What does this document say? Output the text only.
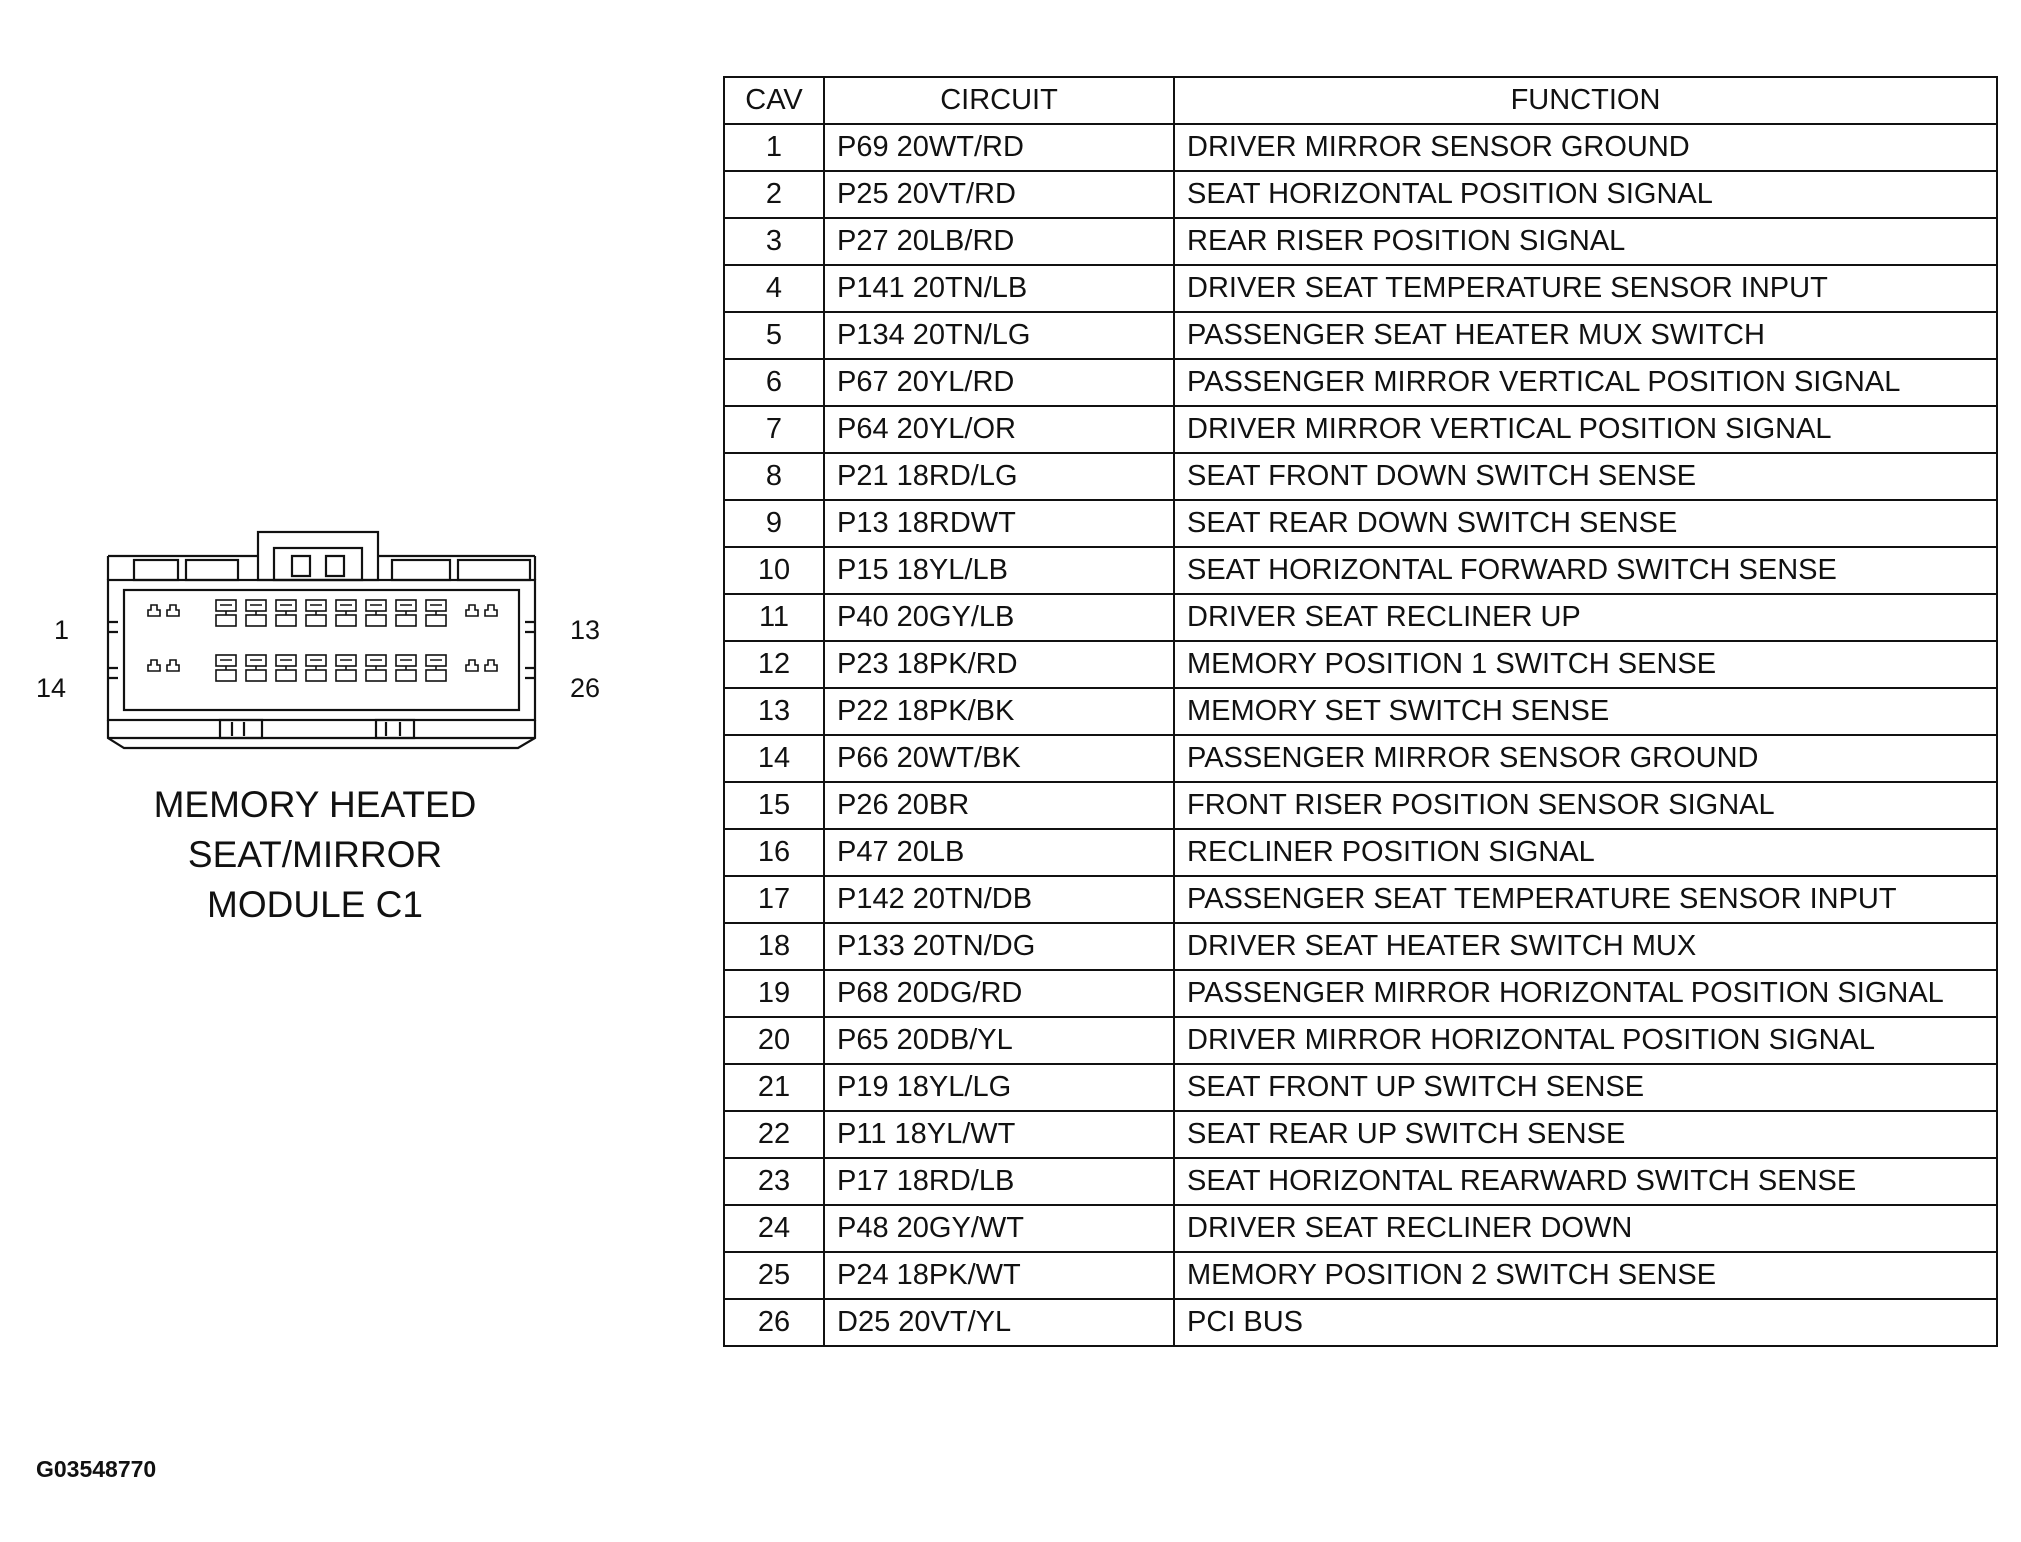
1	13
14	26
MEMORY HEATED
SEAT/MIRROR
MODULE C1
CAV	CIRCUIT	FUNCTION
1	P69 20WT/RD	DRIVER MIRROR SENSOR GROUND
2	P25 20VT/RD	SEAT HORIZONTAL POSITION SIGNAL
3	P27 20LB/RD	REAR RISER POSITION SIGNAL
4	P141 20TN/LB	DRIVER SEAT TEMPERATURE SENSOR INPUT
5	P134 20TN/LG	PASSENGER SEAT HEATER MUX SWITCH
6	P67 20YL/RD	PASSENGER MIRROR VERTICAL POSITION SIGNAL
7	P64 20YL/OR	DRIVER MIRROR VERTICAL POSITION SIGNAL
8	P21 18RD/LG	SEAT FRONT DOWN SWITCH SENSE
9	P13 18RDWT	SEAT REAR DOWN SWITCH SENSE
10	P15 18YL/LB	SEAT HORIZONTAL FORWARD SWITCH SENSE
11	P40 20GY/LB	DRIVER SEAT RECLINER UP
12	P23 18PK/RD	MEMORY POSITION 1 SWITCH SENSE
13	P22 18PK/BK	MEMORY SET SWITCH SENSE
14	P66 20WT/BK	PASSENGER MIRROR SENSOR GROUND
15	P26 20BR	FRONT RISER POSITION SENSOR SIGNAL
16	P47 20LB	RECLINER POSITION SIGNAL
17	P142 20TN/DB	PASSENGER SEAT TEMPERATURE SENSOR INPUT
18	P133 20TN/DG	DRIVER SEAT HEATER SWITCH MUX
19	P68 20DG/RD	PASSENGER MIRROR HORIZONTAL POSITION SIGNAL
20	P65 20DB/YL	DRIVER MIRROR HORIZONTAL POSITION SIGNAL
21	P19 18YL/LG	SEAT FRONT UP SWITCH SENSE
22	P11 18YL/WT	SEAT REAR UP SWITCH SENSE
23	P17 18RD/LB	SEAT HORIZONTAL REARWARD SWITCH SENSE
24	P48 20GY/WT	DRIVER SEAT RECLINER DOWN
25	P24 18PK/WT	MEMORY POSITION 2 SWITCH SENSE
26	D25 20VT/YL	PCI BUS
G03548770
